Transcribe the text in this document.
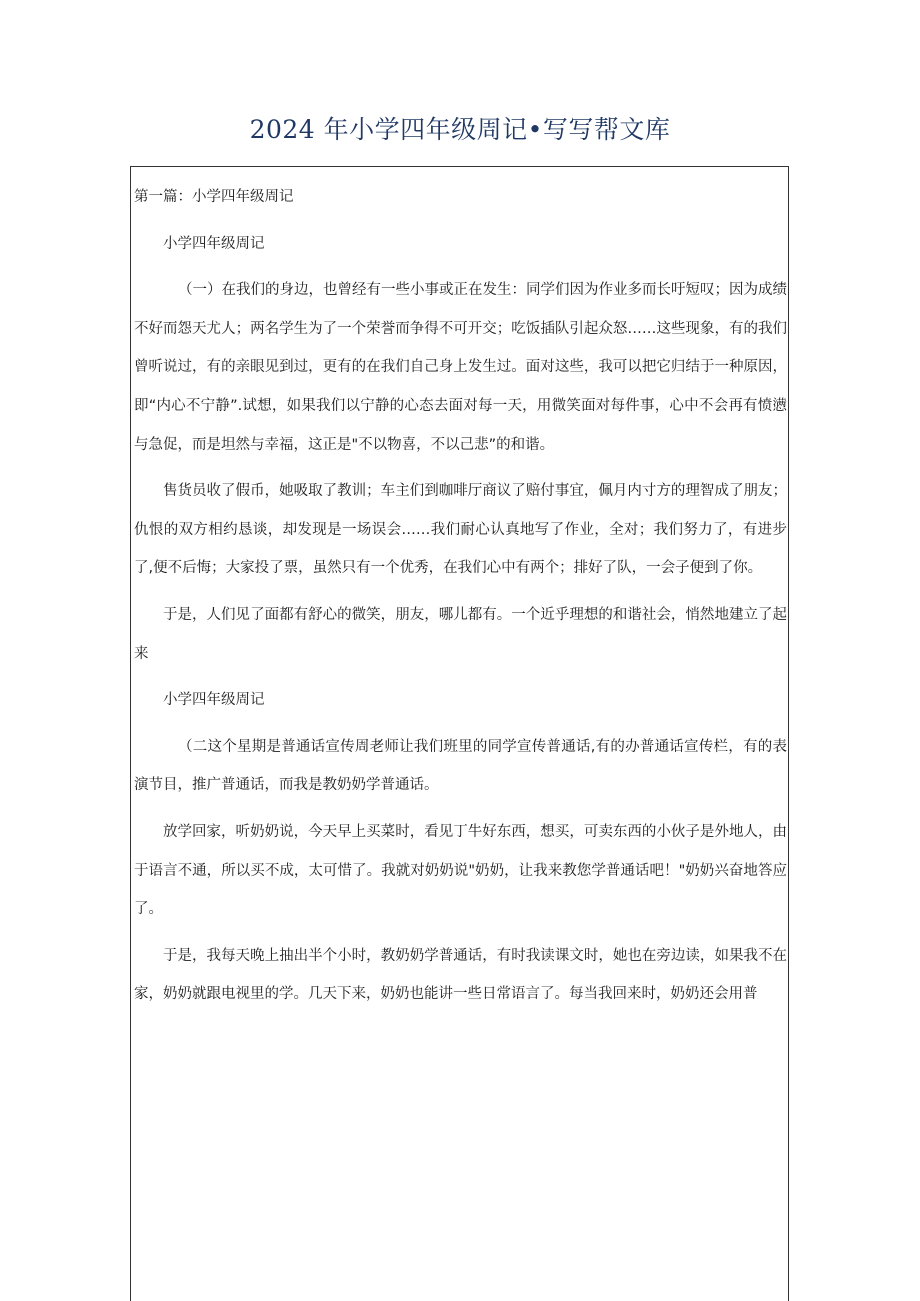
2024 年小学四年级周记•写写帮文库

第一篇：小学四年级周记

小学四年级周记

（一）在我们的身边，也曾经有一些小事或正在发生：同学们因为作业多而长吁短叹；因为成绩不好而怨天尤人；两名学生为了一个荣誉而争得不可开交；吃饭插队引起众怒……这些现象，有的我们曾听说过，有的亲眼见到过，更有的在我们自己身上发生过。面对这些，我可以把它归结于一种原因，即“内心不宁静”.试想，如果我们以宁静的心态去面对每一天，用微笑面对每件事，心中不会再有愤懑与急促，而是坦然与幸福，这正是"不以物喜，不以己悲”的和谐。

售货员收了假币，她吸取了教训；车主们到咖啡厅商议了赔付事宜，佩月内寸方的理智成了朋友；仇恨的双方相约恳谈，却发现是一场误会……我们耐心认真地写了作业，全对；我们努力了，有进步了,便不后悔；大家投了票，虽然只有一个优秀，在我们心中有两个；排好了队，一会子便到了你。

于是，人们见了面都有舒心的微笑，朋友，哪儿都有。一个近乎理想的和谐社会，悄然地建立了起来

小学四年级周记

（二这个星期是普通话宣传周老师让我们班里的同学宣传普通话,有的办普通话宣传栏，有的表演节目，推广普通话，而我是教奶奶学普通话。

放学回家，听奶奶说，今天早上买菜时，看见丁牛好东西，想买，可卖东西的小伙子是外地人，由于语言不通，所以买不成，太可惜了。我就对奶奶说"奶奶，让我来教您学普通话吧！"奶奶兴奋地答应了。

于是，我每天晚上抽出半个小时，教奶奶学普通话，有时我读课文时，她也在旁边读，如果我不在家，奶奶就跟电视里的学。几天下来，奶奶也能讲一些日常语言了。每当我回来时，奶奶还会用普
